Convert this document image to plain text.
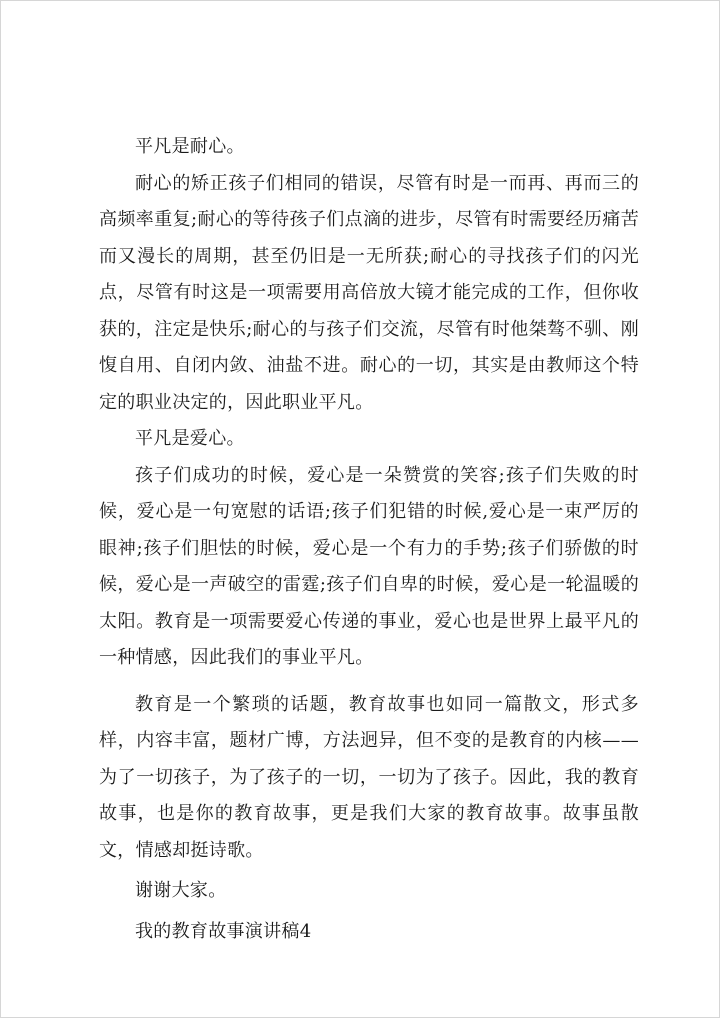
平凡是耐心。

耐心的矫正孩子们相同的错误，尽管有时是一而再、再而三的高频率重复;耐心的等待孩子们点滴的进步，尽管有时需要经历痛苦而又漫长的周期，甚至仍旧是一无所获;耐心的寻找孩子们的闪光点，尽管有时这是一项需要用高倍放大镜才能完成的工作，但你收获的，注定是快乐;耐心的与孩子们交流，尽管有时他桀骜不驯、刚愎自用、自闭内敛、油盐不进。耐心的一切，其实是由教师这个特定的职业决定的，因此职业平凡。

平凡是爱心。

孩子们成功的时候，爱心是一朵赞赏的笑容;孩子们失败的时候，爱心是一句宽慰的话语;孩子们犯错的时候,爱心是一束严厉的眼神;孩子们胆怯的时候，爱心是一个有力的手势;孩子们骄傲的时候，爱心是一声破空的雷霆;孩子们自卑的时候，爱心是一轮温暖的太阳。教育是一项需要爱心传递的事业，爱心也是世界上最平凡的一种情感，因此我们的事业平凡。

教育是一个繁琐的话题，教育故事也如同一篇散文，形式多样，内容丰富，题材广博，方法迥异，但不变的是教育的内核——为了一切孩子，为了孩子的一切，一切为了孩子。因此，我的教育故事，也是你的教育故事，更是我们大家的教育故事。故事虽散文，情感却挺诗歌。

谢谢大家。

我的教育故事演讲稿4
